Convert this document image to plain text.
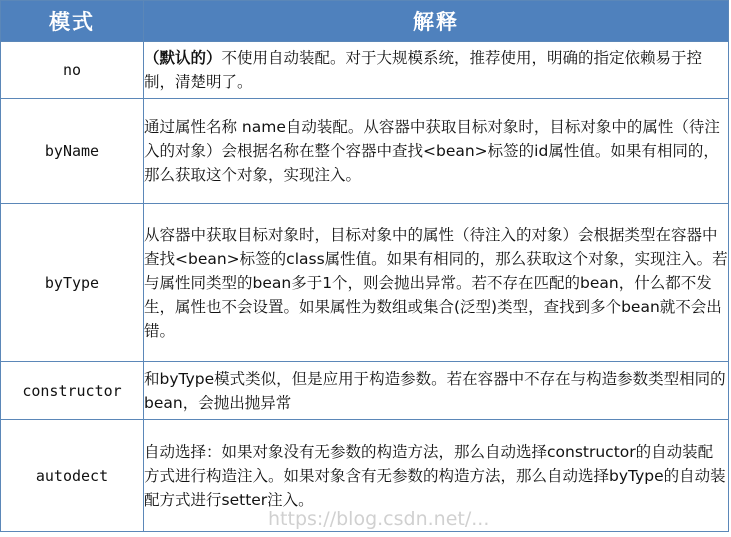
模式	解释
no	（默认的）不使用自动装配。对于大规模系统，推荐使用，明确的指定依赖易于控制，清楚明了。
byName	通过属性名称 name自动装配。从容器中获取目标对象时，目标对象中的属性（待注入的对象）会根据名称在整个容器中查找<bean>标签的id属性值。如果有相同的，那么获取这个对象，实现注入。
byType	从容器中获取目标对象时，目标对象中的属性（待注入的对象）会根据类型在容器中查找<bean>标签的class属性值。如果有相同的，那么获取这个对象，实现注入。若与属性同类型的bean多于1个，则会抛出异常。若不存在匹配的bean，什么都不发生，属性也不会设置。如果属性为数组或集合(泛型)类型，查找到多个bean就不会出错。
constructor	和byType模式类似，但是应用于构造参数。若在容器中不存在与构造参数类型相同的bean，会抛出抛异常
autodect	自动选择：如果对象没有无参数的构造方法，那么自动选择constructor的自动装配方式进行构造注入。如果对象含有无参数的构造方法，那么自动选择byType的自动装配方式进行setter注入。
https://blog.csdn.net/...
